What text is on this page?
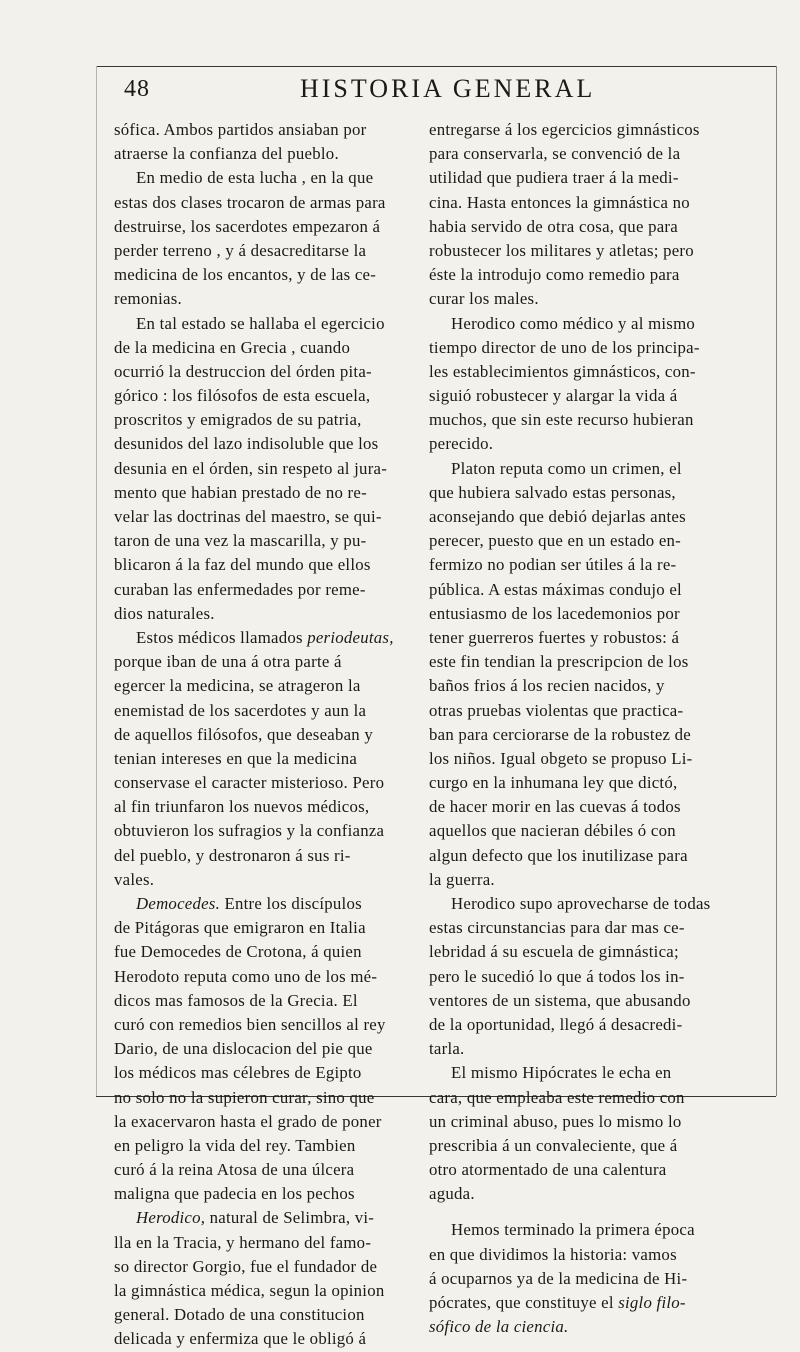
48	HISTORIA GENERAL
sófica. Ambos partidos ansiaban por
atraerse la confianza del pueblo.
En medio de esta lucha , en la que
estas dos clases trocaron de armas para
destruirse, los sacerdotes empezaron á
perder terreno , y á desacreditarse la
medicina de los encantos, y de las ce-
remonias.
En tal estado se hallaba el egercicio
de la medicina en Grecia , cuando
ocurrió la destruccion del órden pita-
górico : los filósofos de esta escuela,
proscritos y emigrados de su patria,
desunidos del lazo indisoluble que los
desunia en el órden, sin respeto al jura-
mento que habian prestado de no re-
velar las doctrinas del maestro, se qui-
taron de una vez la mascarilla, y pu-
blicaron á la faz del mundo que ellos
curaban las enfermedades por reme-
dios naturales.
Estos médicos llamados periodeutas,
porque iban de una á otra parte á
egercer la medicina, se atrageron la
enemistad de los sacerdotes y aun la
de aquellos filósofos, que deseaban y
tenian intereses en que la medicina
conservase el caracter misterioso. Pero
al fin triunfaron los nuevos médicos,
obtuvieron los sufragios y la confianza
del pueblo, y destronaron á sus ri-
vales.
Democedes. Entre los discípulos
de Pitágoras que emigraron en Italia
fue Democedes de Crotona, á quien
Herodoto reputa como uno de los mé-
dicos mas famosos de la Grecia. El
curó con remedios bien sencillos al rey
Dario, de una dislocacion del pie que
los médicos mas célebres de Egipto
no solo no la supieron curar, sino que
la exacervaron hasta el grado de poner
en peligro la vida del rey. Tambien
curó á la reina Atosa de una úlcera
maligna que padecia en los pechos
Herodico, natural de Selimbra, vi-
lla en la Tracia, y hermano del famo-
so director Gorgio, fue el fundador de
la gimnástica médica, segun la opinion
general. Dotado de una constitucion
delicada y enfermiza que le obligó á
entregarse á los egercicios gimnásticos
para conservarla, se convenció de la
utilidad que pudiera traer á la medi-
cina. Hasta entonces la gimnástica no
habia servido de otra cosa, que para
robustecer los militares y atletas; pero
éste la introdujo como remedio para
curar los males.
Herodico como médico y al mismo
tiempo director de uno de los principa-
les establecimientos gimnásticos, con-
siguió robustecer y alargar la vida á
muchos, que sin este recurso hubieran
perecido.
Platon reputa como un crimen, el
que hubiera salvado estas personas,
aconsejando que debió dejarlas antes
perecer, puesto que en un estado en-
fermizo no podian ser útiles á la re-
pública. A estas máximas condujo el
entusiasmo de los lacedemonios por
tener guerreros fuertes y robustos: á
este fin tendian la prescripcion de los
baños frios á los recien nacidos, y
otras pruebas violentas que practica-
ban para cerciorarse de la robustez de
los niños. Igual obgeto se propuso Li-
curgo en la inhumana ley que dictó,
de hacer morir en las cuevas á todos
aquellos que nacieran débiles ó con
algun defecto que los inutilizase para
la guerra.
Herodico supo aprovecharse de todas
estas circunstancias para dar mas ce-
lebridad á su escuela de gimnástica;
pero le sucedió lo que á todos los in-
ventores de un sistema, que abusando
de la oportunidad, llegó á desacredi-
tarla.
El mismo Hipócrates le echa en
cara, que empleaba este remedio con
un criminal abuso, pues lo mismo lo
prescribia á un convaleciente, que á
otro atormentado de una calentura
aguda.
Hemos terminado la primera época
en que dividimos la historia: vamos
á ocuparnos ya de la medicina de Hi-
pócrates, que constituye el siglo filo-
sófico de la ciencia.
